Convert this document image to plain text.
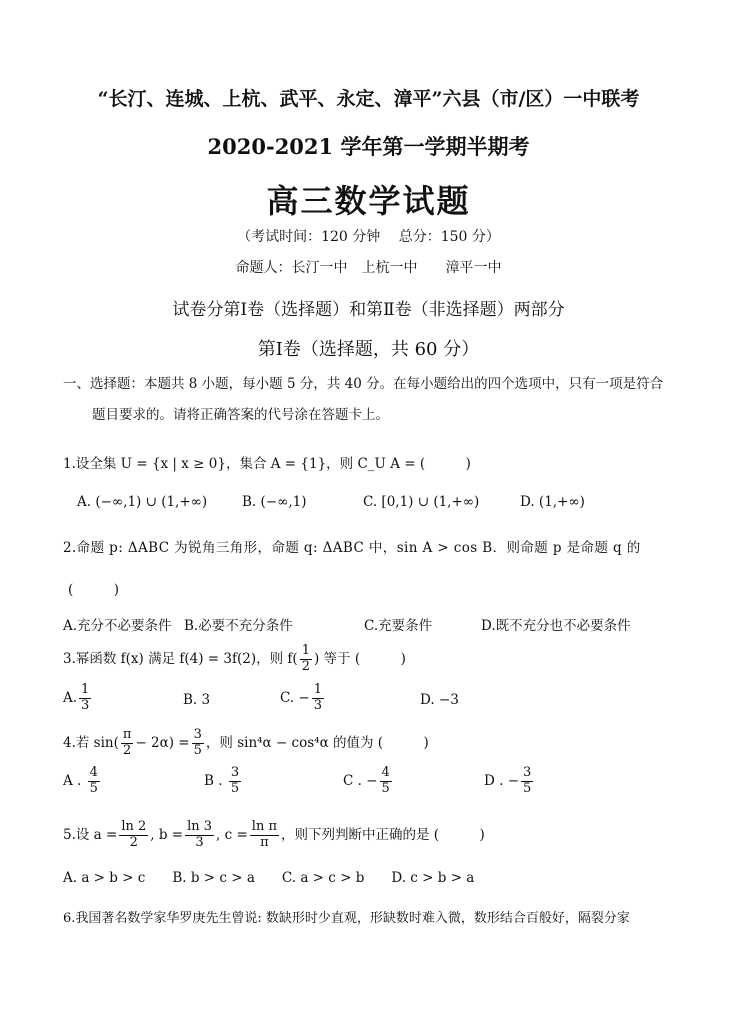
“长汀、连城、上杭、武平、永定、漳平”六县（市/区）一中联考
2020-2021 学年第一学期半期考
高三数学试题
（考试时间：120 分钟　 总分：150 分）
命题人：长汀一中　上杭一中　　漳平一中
试卷分第Ⅰ卷（选择题）和第Ⅱ卷（非选择题）两部分
第Ⅰ卷（选择题，共 60 分）
一、选择题：本题共 8 小题，每小题 5 分，共 40 分。在每小题给出的四个选项中，只有一项是符合
题目要求的。请将正确答案的代号涂在答题卡上。
1.设全集 U = {x | x ≥ 0}，集合 A = {1}，则 C_U A = (　　　)
A. (−∞,1) ∪ (1,+∞)	B. (−∞,1)	C. [0,1) ∪ (1,+∞)	D. (1,+∞)
2.命题 p: ΔABC 为锐角三角形，命题 q: ΔABC 中，sin A > cos B．则命题 p 是命题 q 的
(　　　)
A.充分不必要条件 B.必要不充分条件	C.充要条件	D.既不充分也不必要条件
3.幂函数 f(x) 满足 f(4) = 3f(2)，则 $f( \frac{1}{2}$ ) 等于 (　　　)
A. $\frac{1}{3}$	B. 3	C. − $\frac{1}{3}$	D. −3
4.若 $\sin( \frac{\pi}{2} - 2\alpha) = \frac{3}{5}$ ，则 sin⁴α − cos⁴α 的值为 (　　　)
A . $\frac{4}{5}$	B . $\frac{3}{5}$	C . − $\frac{4}{5}$	D . − $\frac{3}{5}$
5.设 $a = \frac{\ln 2}{2}$ , $b = \frac{\ln 3}{3}$ , $c = \frac{\text{ln π}}{\pi}$ ，则下列判断中正确的是 (　　　)
A. a > b > c　　B. b > c > a　　C. a > c > b　　D. c > b > a
6.我国著名数学家华罗庚先生曾说: 数缺形时少直观，形缺数时难入微，数形结合百般好，隔裂分家
